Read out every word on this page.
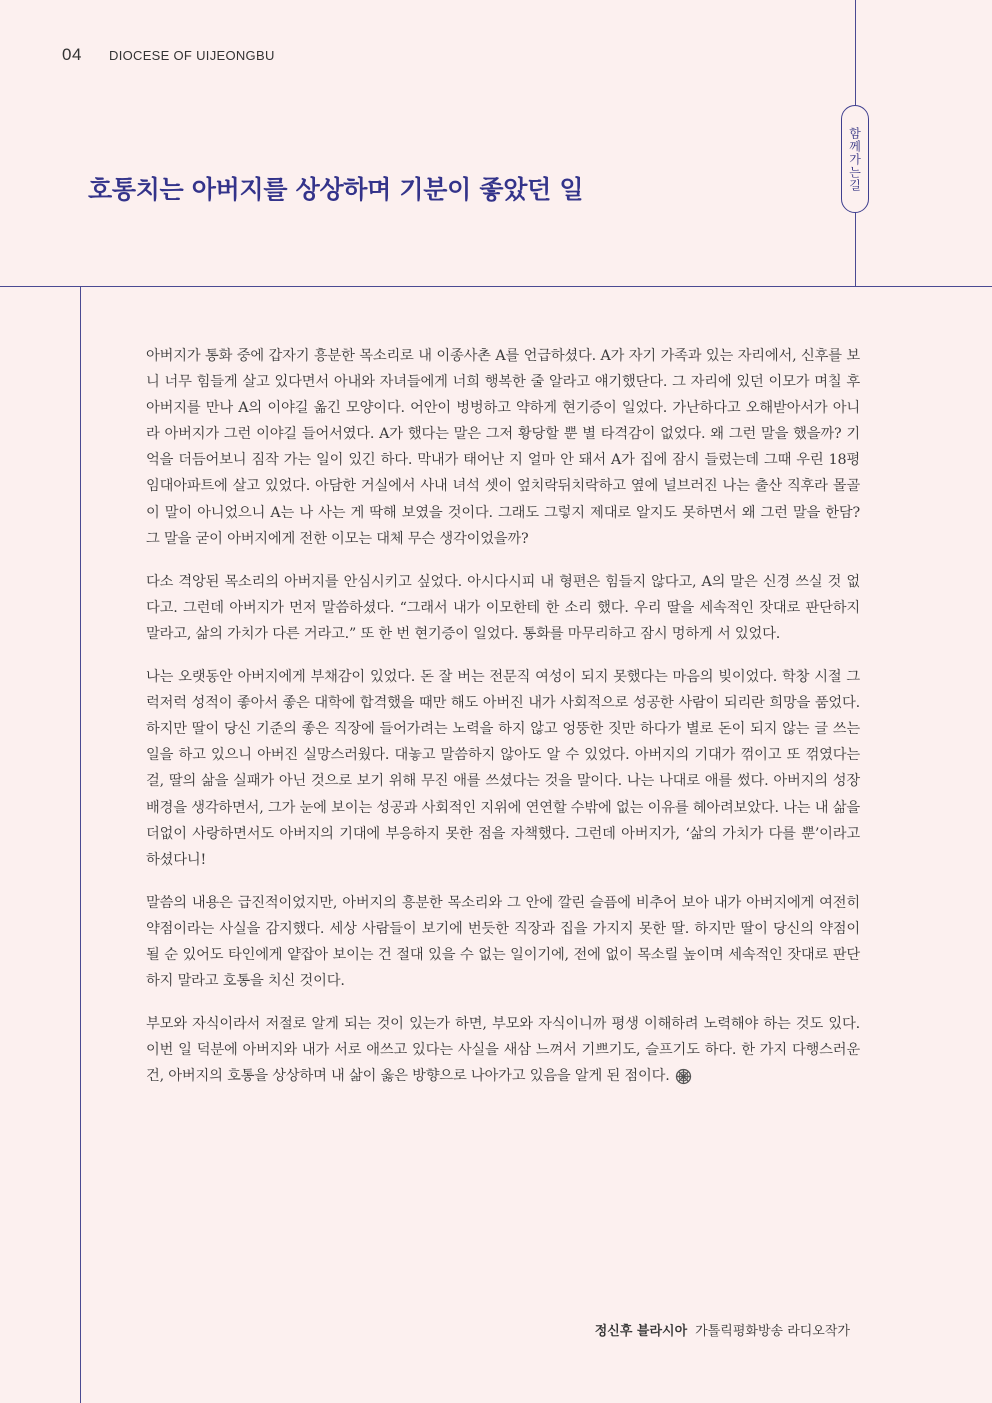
04 DIOCESE OF UIJEONGBU
함께가는길
호통치는 아버지를 상상하며 기분이 좋았던 일

아버지가 통화 중에 갑자기 흥분한 목소리로 내 이종사촌 A를 언급하셨다. A가 자기 가족과 있는 자리에서, 신후를 보니 너무 힘들게 살고 있다면서 아내와 자녀들에게 너희 행복한 줄 알라고 얘기했단다. 그 자리에 있던 이모가 며칠 후 아버지를 만나 A의 이야길 옮긴 모양이다. 어안이 벙벙하고 약하게 현기증이 일었다. 가난하다고 오해받아서가 아니라 아버지가 그런 이야길 들어서였다. A가 했다는 말은 그저 황당할 뿐 별 타격감이 없었다. 왜 그런 말을 했을까? 기억을 더듬어보니 짐작 가는 일이 있긴 하다. 막내가 태어난 지 얼마 안 돼서 A가 집에 잠시 들렀는데 그때 우린 18평 임대아파트에 살고 있었다. 아담한 거실에서 사내 녀석 셋이 엎치락뒤치락하고 옆에 널브러진 나는 출산 직후라 몰골이 말이 아니었으니 A는 나 사는 게 딱해 보였을 것이다. 그래도 그렇지 제대로 알지도 못하면서 왜 그런 말을 한담? 그 말을 굳이 아버지에게 전한 이모는 대체 무슨 생각이었을까?

다소 격앙된 목소리의 아버지를 안심시키고 싶었다. 아시다시피 내 형편은 힘들지 않다고, A의 말은 신경 쓰실 것 없다고. 그런데 아버지가 먼저 말씀하셨다. “그래서 내가 이모한테 한 소리 했다. 우리 딸을 세속적인 잣대로 판단하지 말라고, 삶의 가치가 다른 거라고.” 또 한 번 현기증이 일었다. 통화를 마무리하고 잠시 멍하게 서 있었다.

나는 오랫동안 아버지에게 부채감이 있었다. 돈 잘 버는 전문직 여성이 되지 못했다는 마음의 빚이었다. 학창 시절 그럭저럭 성적이 좋아서 좋은 대학에 합격했을 때만 해도 아버진 내가 사회적으로 성공한 사람이 되리란 희망을 품었다. 하지만 딸이 당신 기준의 좋은 직장에 들어가려는 노력을 하지 않고 엉뚱한 짓만 하다가 별로 돈이 되지 않는 글 쓰는 일을 하고 있으니 아버진 실망스러웠다. 대놓고 말씀하지 않아도 알 수 있었다. 아버지의 기대가 꺾이고 또 꺾였다는 걸, 딸의 삶을 실패가 아닌 것으로 보기 위해 무진 애를 쓰셨다는 것을 말이다. 나는 나대로 애를 썼다. 아버지의 성장 배경을 생각하면서, 그가 눈에 보이는 성공과 사회적인 지위에 연연할 수밖에 없는 이유를 헤아려보았다. 나는 내 삶을 더없이 사랑하면서도 아버지의 기대에 부응하지 못한 점을 자책했다. 그런데 아버지가, ‘삶의 가치가 다를 뿐’이라고 하셨다니!

말씀의 내용은 급진적이었지만, 아버지의 흥분한 목소리와 그 안에 깔린 슬픔에 비추어 보아 내가 아버지에게 여전히 약점이라는 사실을 감지했다. 세상 사람들이 보기에 번듯한 직장과 집을 가지지 못한 딸. 하지만 딸이 당신의 약점이 될 순 있어도 타인에게 얕잡아 보이는 건 절대 있을 수 없는 일이기에, 전에 없이 목소릴 높이며 세속적인 잣대로 판단하지 말라고 호통을 치신 것이다.

부모와 자식이라서 저절로 알게 되는 것이 있는가 하면, 부모와 자식이니까 평생 이해하려 노력해야 하는 것도 있다. 이번 일 덕분에 아버지와 내가 서로 애쓰고 있다는 사실을 새삼 느껴서 기쁘기도, 슬프기도 하다. 한 가지 다행스러운 건, 아버지의 호통을 상상하며 내 삶이 옳은 방향으로 나아가고 있음을 알게 된 점이다.

정신후 블라시아 가톨릭평화방송 라디오작가
